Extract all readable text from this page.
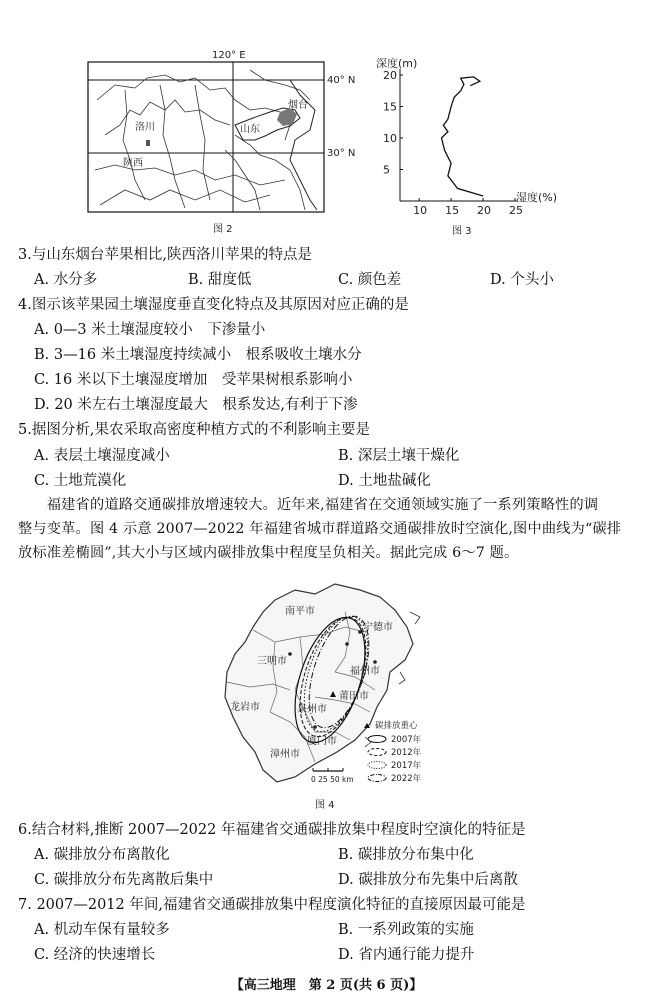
120° E
40° N
30° N
洛川
陕西
山东
烟台
图 2
10 15 20 25
5
10
15
20
深度(m)
湿度(%)
图 3
3.与山东烟台苹果相比,陕西洛川苹果的特点是
A. 水分多	B. 甜度低	C. 颜色差	D. 个头小
4.图示该苹果园土壤湿度垂直变化特点及其原因对应正确的是
A. 0—3 米土壤湿度较小　下渗量小
B. 3—16 米土壤湿度持续减小　根系吸收土壤水分
C. 16 米以下土壤湿度增加　受苹果树根系影响小
D. 20 米左右土壤湿度最大　根系发达,有利于下渗
5.据图分析,果农采取高密度种植方式的不利影响主要是
A. 表层土壤湿度减小	B. 深层土壤干燥化
C. 土地荒漠化	D. 土地盐碱化
　　福建省的道路交通碳排放增速较大。近年来,福建省在交通领域实施了一系列策略性的调
整与变革。图 4 示意 2007—2022 年福建省城市群道路交通碳排放时空演化,图中曲线为“碳排
放标准差椭圆”,其大小与区域内碳排放集中程度呈负相关。据此完成 6～7 题。
南平市
宁德市
三明市
福州市
莆田市
龙岩市	泉州市
厦门市
漳州市
碳排放重心
2007年
2012年
2017年
2022年
0 25 50 km
图 4
6.结合材料,推断 2007—2022 年福建省交通碳排放集中程度时空演化的特征是
A. 碳排放分布离散化	B. 碳排放分布集中化
C. 碳排放分布先离散后集中	D. 碳排放分布先集中后离散
7. 2007—2012 年间,福建省交通碳排放集中程度演化特征的直接原因最可能是
A. 机动车保有量较多	B. 一系列政策的实施
C. 经济的快速增长	D. 省内通行能力提升
【高三地理　第 2 页(共 6 页)】
